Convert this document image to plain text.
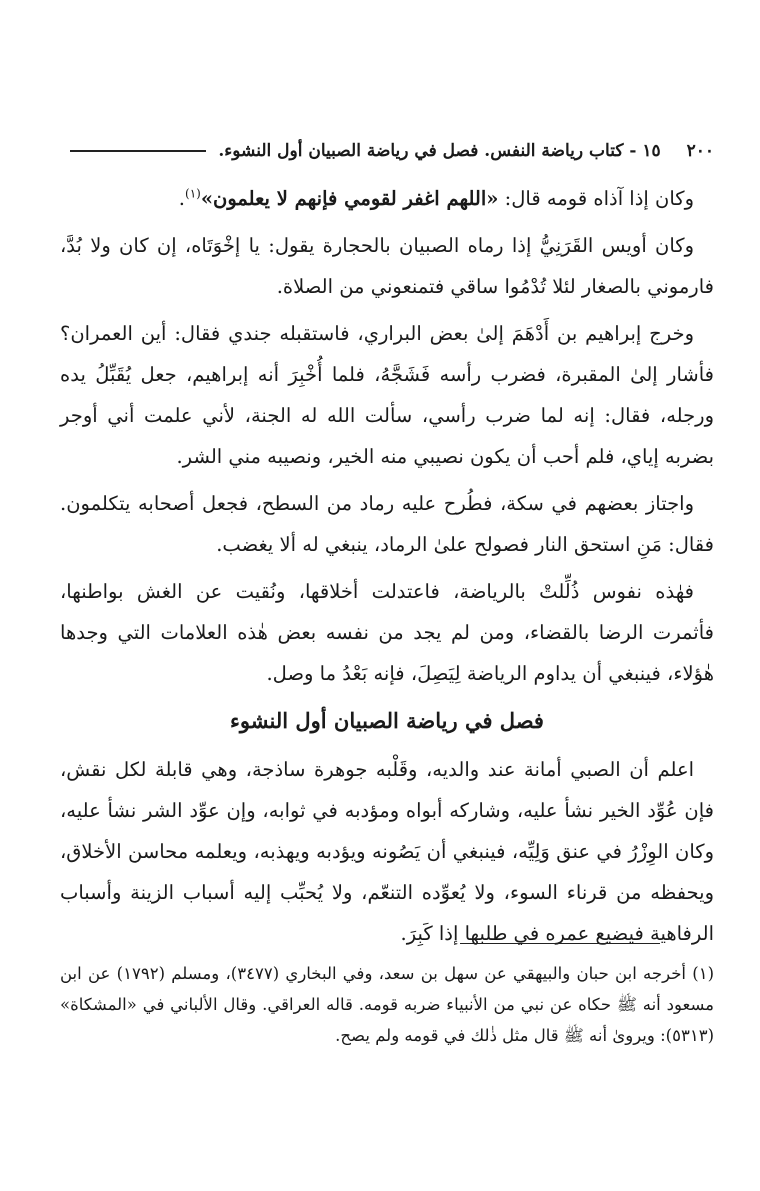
٢٠٠
١٥ - كتاب رياضة النفس. فصل في رياضة الصبيان أول النشوء.

وكان إذا آذاه قومه قال: «اللهم اغفر لقومي فإنهم لا يعلمون»$^{(١)}$.

وكان أويس القَرَنِيُّ إذا رماه الصبيان بالحجارة يقول: يا إخْوَتَاه، إن كان ولا بُدَّ، فارموني بالصغار لئلا تُدْمُوا ساقي فتمنعوني من الصلاة.

وخرج إبراهيم بن أَدْهَمَ إلىٰ بعض البراري، فاستقبله جندي فقال: أين العمران؟ فأشار إلىٰ المقبرة، فضرب رأسه فَشَجَّهُ، فلما أُخْبِرَ أنه إبراهيم، جعل يُقَبِّلُ يده ورجله، فقال: إنه لما ضرب رأسي، سألت الله له الجنة، لأني علمت أني أوجر بضربه إياي، فلم أحب أن يكون نصيبي منه الخير، ونصيبه مني الشر.

واجتاز بعضهم في سكة، فطُرح عليه رماد من السطح، فجعل أصحابه يتكلمون. فقال: مَنِ استحق النار فصولح علىٰ الرماد، ينبغي له ألا يغضب.

فهٰذه نفوس ذُلِّلتْ بالرياضة، فاعتدلت أخلاقها، ونُقيت عن الغش بواطنها، فأثمرت الرضا بالقضاء، ومن لم يجد من نفسه بعض هٰذه العلامات التي وجدها هٰؤلاء، فينبغي أن يداوم الرياضة لِيَصِلَ، فإنه بَعْدُ ما وصل.

فصل في رياضة الصبيان أول النشوء

اعلم أن الصبي أمانة عند والديه، وقَلْبه جوهرة ساذجة، وهي قابلة لكل نقش، فإن عُوِّد الخير نشأ عليه، وشاركه أبواه ومؤدبه في ثوابه، وإن عوِّد الشر نشأ عليه، وكان الوِزْرُ في عنق وَلِيِّه، فينبغي أن يَصُونه ويؤدبه ويهذبه، ويعلمه محاسن الأخلاق، ويحفظه من قرناء السوء، ولا يُعوِّده التنعّم، ولا يُحبِّب إليه أسباب الزينة وأسباب الرفاهية فيضيع عمره في طلبها إذا كَبِرَ.

(١) أخرجه ابن حبان والبيهقي عن سهل بن سعد، وفي البخاري (٣٤٧٧)، ومسلم (١٧٩٢) عن ابن مسعود أنه ﷺ حكاه عن نبي من الأنبياء ضربه قومه. قاله العراقي. وقال الألباني في «المشكاة» (٥٣١٣): ويروىٰ أنه ﷺ قال مثل ذٰلك في قومه ولم يصح.
